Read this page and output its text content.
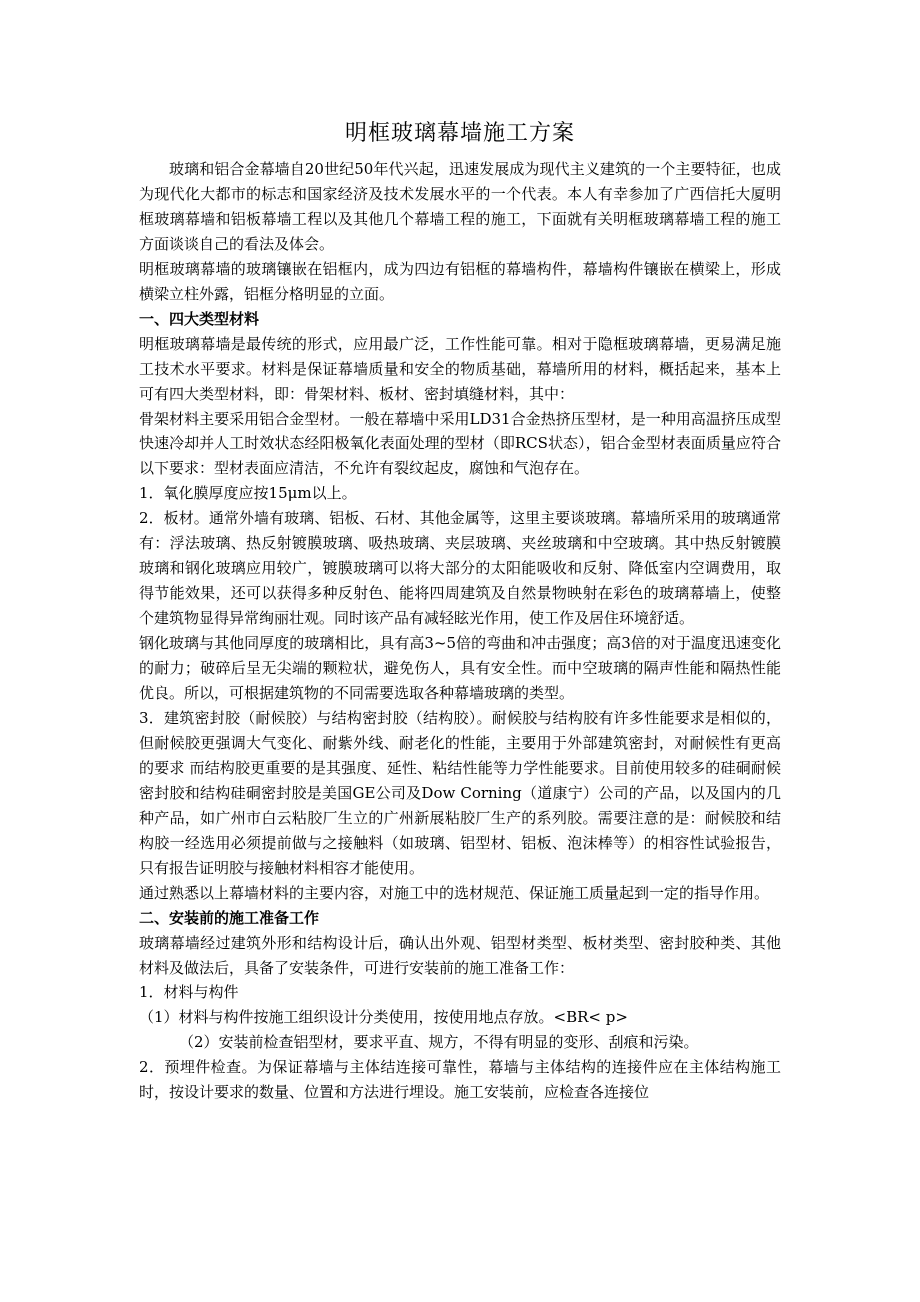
明框玻璃幕墙施工方案

玻璃和铝合金幕墙自20世纪50年代兴起，迅速发展成为现代主义建筑的一个主要特征，也成为现代化大都市的标志和国家经济及技术发展水平的一个代表。本人有幸参加了广西信托大厦明框玻璃幕墙和铝板幕墙工程以及其他几个幕墙工程的施工，下面就有关明框玻璃幕墙工程的施工方面谈谈自己的看法及体会。

明框玻璃幕墙的玻璃镶嵌在铝框内，成为四边有铝框的幕墙构件，幕墙构件镶嵌在横梁上，形成横梁立柱外露，铝框分格明显的立面。

一、四大类型材料

明框玻璃幕墙是最传统的形式，应用最广泛，工作性能可靠。相对于隐框玻璃幕墙，更易满足施工技术水平要求。材料是保证幕墙质量和安全的物质基础，幕墙所用的材料，概括起来，基本上可有四大类型材料，即：骨架材料、板材、密封填缝材料，其中：

骨架材料主要采用铝合金型材。一般在幕墙中采用LD31合金热挤压型材，是一种用高温挤压成型快速冷却并人工时效状态经阳极氧化表面处理的型材（即RCS状态），铝合金型材表面质量应符合以下要求：型材表面应清洁，不允许有裂纹起皮，腐蚀和气泡存在。

1．氧化膜厚度应按15μm以上。

2．板材。通常外墙有玻璃、铝板、石材、其他金属等，这里主要谈玻璃。幕墙所采用的玻璃通常有：浮法玻璃、热反射镀膜玻璃、吸热玻璃、夹层玻璃、夹丝玻璃和中空玻璃。其中热反射镀膜玻璃和钢化玻璃应用较广，镀膜玻璃可以将大部分的太阳能吸收和反射、降低室内空调费用，取得节能效果，还可以获得多种反射色、能将四周建筑及自然景物映射在彩色的玻璃幕墙上，使整个建筑物显得异常绚丽壮观。同时该产品有减轻眩光作用，使工作及居住环境舒适。

钢化玻璃与其他同厚度的玻璃相比，具有高3~5倍的弯曲和冲击强度；高3倍的对于温度迅速变化的耐力；破碎后呈无尖端的颗粒状，避免伤人，具有安全性。而中空玻璃的隔声性能和隔热性能优良。所以，可根据建筑物的不同需要选取各种幕墙玻璃的类型。

3．建筑密封胶（耐候胶）与结构密封胶（结构胶）。耐候胶与结构胶有许多性能要求是相似的，但耐候胶更强调大气变化、耐紫外线、耐老化的性能，主要用于外部建筑密封，对耐候性有更高的要求 而结构胶更重要的是其强度、延性、粘结性能等力学性能要求。目前使用较多的硅硐耐候密封胶和结构硅硐密封胶是美国GE公司及Dow Corning（道康宁）公司的产品，以及国内的几种产品，如广州市白云粘胶厂生立的广州新展粘胶厂生产的系列胶。需要注意的是：耐候胶和结构胶一经选用必须提前做与之接触料（如玻璃、铝型材、铝板、泡沫棒等）的相容性试验报告，只有报告证明胶与接触材料相容才能使用。

通过熟悉以上幕墙材料的主要内容，对施工中的选材规范、保证施工质量起到一定的指导作用。

二、安装前的施工准备工作

玻璃幕墙经过建筑外形和结构设计后，确认出外观、铝型材类型、板材类型、密封胶种类、其他材料及做法后，具备了安装条件，可进行安装前的施工准备工作：

1．材料与构件

（1）材料与构件按施工组织设计分类使用，按使用地点存放。<BR< p>

（2）安装前检查铝型材，要求平直、规方，不得有明显的变形、刮痕和污染。

2．预埋件检查。为保证幕墙与主体结连接可靠性，幕墙与主体结构的连接件应在主体结构施工时，按设计要求的数量、位置和方法进行埋设。施工安装前，应检查各连接位
